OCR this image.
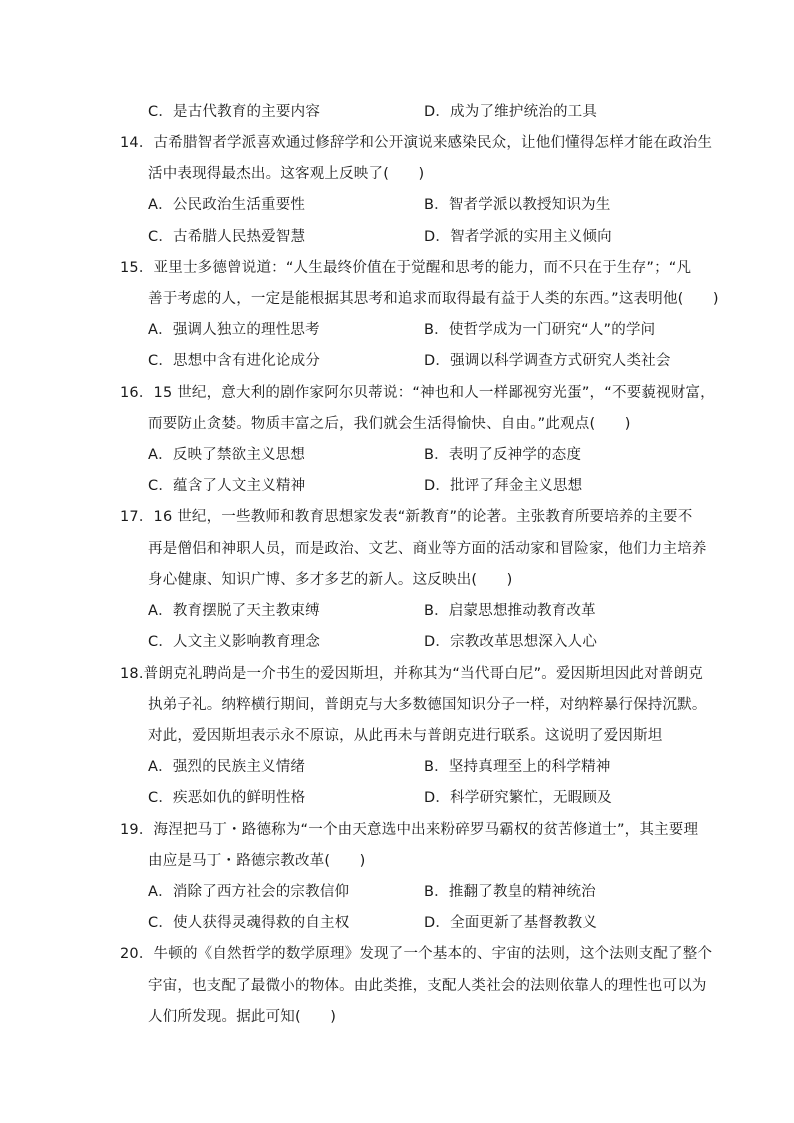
C．是古代教育的主要内容	D．成为了维护统治的工具
14．古希腊智者学派喜欢通过修辞学和公开演说来感染民众，让他们懂得怎样才能在政治生
活中表现得最杰出。这客观上反映了(　　)
A．公民政治生活重要性	B．智者学派以教授知识为生
C．古希腊人民热爱智慧	D．智者学派的实用主义倾向
15．亚里士多德曾说道：“人生最终价值在于觉醒和思考的能力，而不只在于生存”；“凡
善于考虑的人，一定是能根据其思考和追求而取得最有益于人类的东西。”这表明他(　　)
A．强调人独立的理性思考	B．使哲学成为一门研究“人”的学问
C．思想中含有进化论成分	D．强调以科学调查方式研究人类社会
16．15 世纪，意大利的剧作家阿尔贝蒂说：“神也和人一样鄙视穷光蛋”，“不要藐视财富，
而要防止贪婪。物质丰富之后，我们就会生活得愉快、自由。”此观点(　　)
A．反映了禁欲主义思想	B．表明了反神学的态度
C．蕴含了人文主义精神	D．批评了拜金主义思想
17．16 世纪，一些教师和教育思想家发表“新教育”的论著。主张教育所要培养的主要不
再是僧侣和神职人员，而是政治、文艺、商业等方面的活动家和冒险家，他们力主培养
身心健康、知识广博、多才多艺的新人。这反映出(　　)
A．教育摆脱了天主教束缚	B．启蒙思想推动教育改革
C．人文主义影响教育理念	D．宗教改革思想深入人心
18.普朗克礼聘尚是一介书生的爱因斯坦，并称其为“当代哥白尼”。爱因斯坦因此对普朗克
执弟子礼。纳粹横行期间，普朗克与大多数德国知识分子一样，对纳粹暴行保持沉默。
对此，爱因斯坦表示永不原谅，从此再未与普朗克进行联系。这说明了爱因斯坦
A．强烈的民族主义情绪	B．坚持真理至上的科学精神
C．疾恶如仇的鲜明性格	D．科学研究繁忙，无暇顾及
19．海涅把马丁・路德称为“一个由天意选中出来粉碎罗马霸权的贫苦修道士”，其主要理
由应是马丁・路德宗教改革(　　)
A．消除了西方社会的宗教信仰	B．推翻了教皇的精神统治
C．使人获得灵魂得救的自主权	D．全面更新了基督教教义
20．牛顿的《自然哲学的数学原理》发现了一个基本的、宇宙的法则，这个法则支配了整个
宇宙，也支配了最微小的物体。由此类推，支配人类社会的法则依靠人的理性也可以为
人们所发现。据此可知(　　)
